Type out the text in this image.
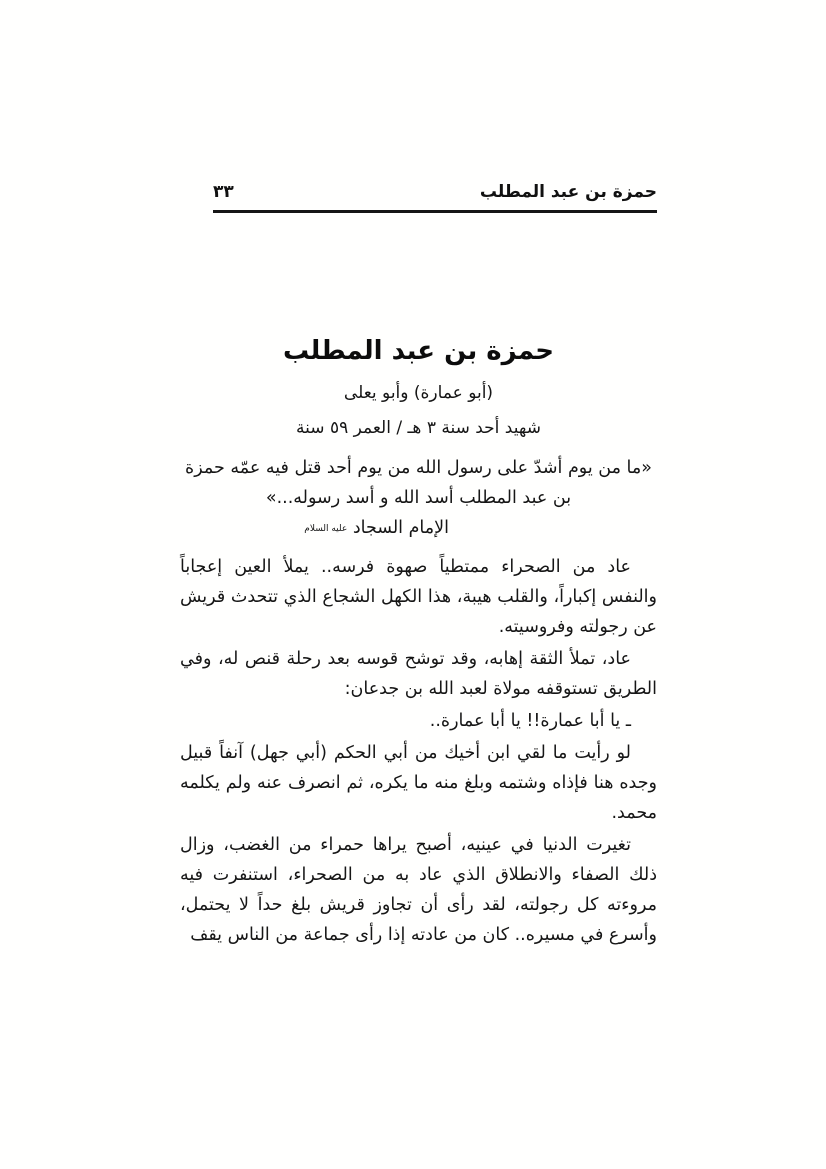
حمزة بن عبد المطلب
٣٣
حمزة بن عبد المطلب
(أبو عمارة) وأبو يعلى
شهيد أحد سنة ٣ هـ / العمر ٥٩ سنة
«ما من يوم أشدّ على رسول الله من يوم أحد قتل فيه عمّه حمزة بن عبد المطلب أسد الله و أسد رسوله...»
الإمام السجاد عليه السلام

عاد من الصحراء ممتطياً صهوة فرسه.. يملأ العين إعجاباً والنفس إكباراً، والقلب هيبة، هذا الكهل الشجاع الذي تتحدث قريش عن رجولته وفروسيته.

عاد، تملأ الثقة إهابه، وقد توشح قوسه بعد رحلة قنص له، وفي الطريق تستوقفه مولاة لعبد الله بن جدعان:

ـ يا أبا عمارة!! يا أبا عمارة..

لو رأيت ما لقي ابن أخيك من أبي الحكم (أبي جهل) آنفاً قبيل وجده هنا فإذاه وشتمه وبلغ منه ما يكره، ثم انصرف عنه ولم يكلمه محمد.

تغيرت الدنيا في عينيه، أصبح يراها حمراء من الغضب، وزال ذلك الصفاء والانطلاق الذي عاد به من الصحراء، استنفرت فيه مروءته كل رجولته، لقد رأى أن تجاوز قريش بلغ حداً لا يحتمل، وأسرع في مسيره.. كان من عادته إذا رأى جماعة من الناس يقف
